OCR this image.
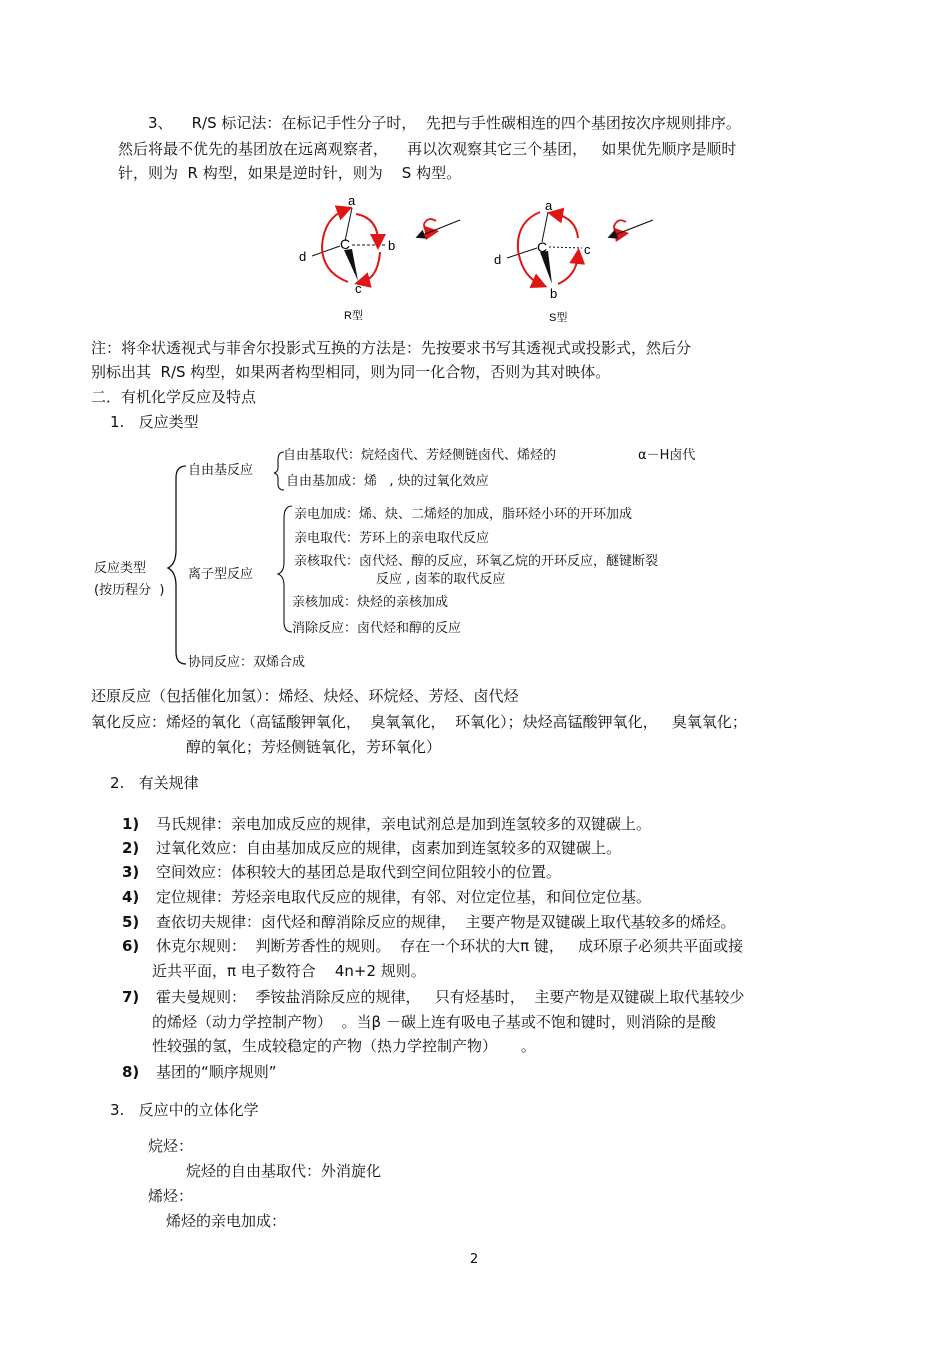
3、    R/S 标记法：在标记手性分子时，  先把与手性碳相连的四个基团按次序规则排序。
然后将最不优先的基团放在远离观察者，    再以次观察其它三个基团，   如果优先顺序是顺时
针，则为  R 构型，如果是逆时针，则为    S 构型。
a
C	b
c
d
R型
a
C	c
b
d
S型
注：将伞状透视式与菲舍尔投影式互换的方法是：先按要求书写其透视式或投影式，然后分
别标出其  R/S 构型，如果两者构型相同，则为同一化合物，否则为其对映体。
二．有机化学反应及特点
1.   反应类型
反应类型
(按历程分  )
自由基反应
自由基取代：烷烃卤代、芳烃侧链卤代、烯烃的	α－H卤代
自由基加成：烯   , 炔的过氧化效应
离子型反应
亲电加成：烯、炔、二烯烃的加成，脂环烃小环的开环加成
亲电取代：芳环上的亲电取代反应
亲核取代：卤代烃、醇的反应，环氧乙烷的开环反应，醚键断裂
反应 , 卤苯的取代反应
亲核加成：炔烃的亲核加成
消除反应：卤代烃和醇的反应
协同反应：双烯合成
还原反应（包括催化加氢）：烯烃、炔烃、环烷烃、芳烃、卤代烃
氧化反应：烯烃的氧化（高锰酸钾氧化，  臭氧氧化，  环氧化）；炔烃高锰酸钾氧化，   臭氧氧化；
醇的氧化；芳烃侧链氧化，芳环氧化）
2.   有关规律
1) 马氏规律：亲电加成反应的规律，亲电试剂总是加到连氢较多的双键碳上。
2) 过氧化效应：自由基加成反应的规律，卤素加到连氢较多的双键碳上。
3) 空间效应：体积较大的基团总是取代到空间位阻较小的位置。
4) 定位规律：芳烃亲电取代反应的规律，有邻、对位定位基，和间位定位基。
5) 查依切夫规律：卤代烃和醇消除反应的规律，  主要产物是双键碳上取代基较多的烯烃。
6) 休克尔规则：  判断芳香性的规则。  存在一个环状的大π 键，   成环原子必须共平面或接
近共平面，π 电子数符合    4n+2 规则。
7) 霍夫曼规则：  季铵盐消除反应的规律，   只有烃基时，  主要产物是双键碳上取代基较少
的烯烃（动力学控制产物）  。当β －碳上连有吸电子基或不饱和键时，则消除的是酸
性较强的氢，生成较稳定的产物（热力学控制产物）     。
8) 基团的“顺序规则”
3.   反应中的立体化学
烷烃：
烷烃的自由基取代：外消旋化
烯烃：
烯烃的亲电加成：
2
